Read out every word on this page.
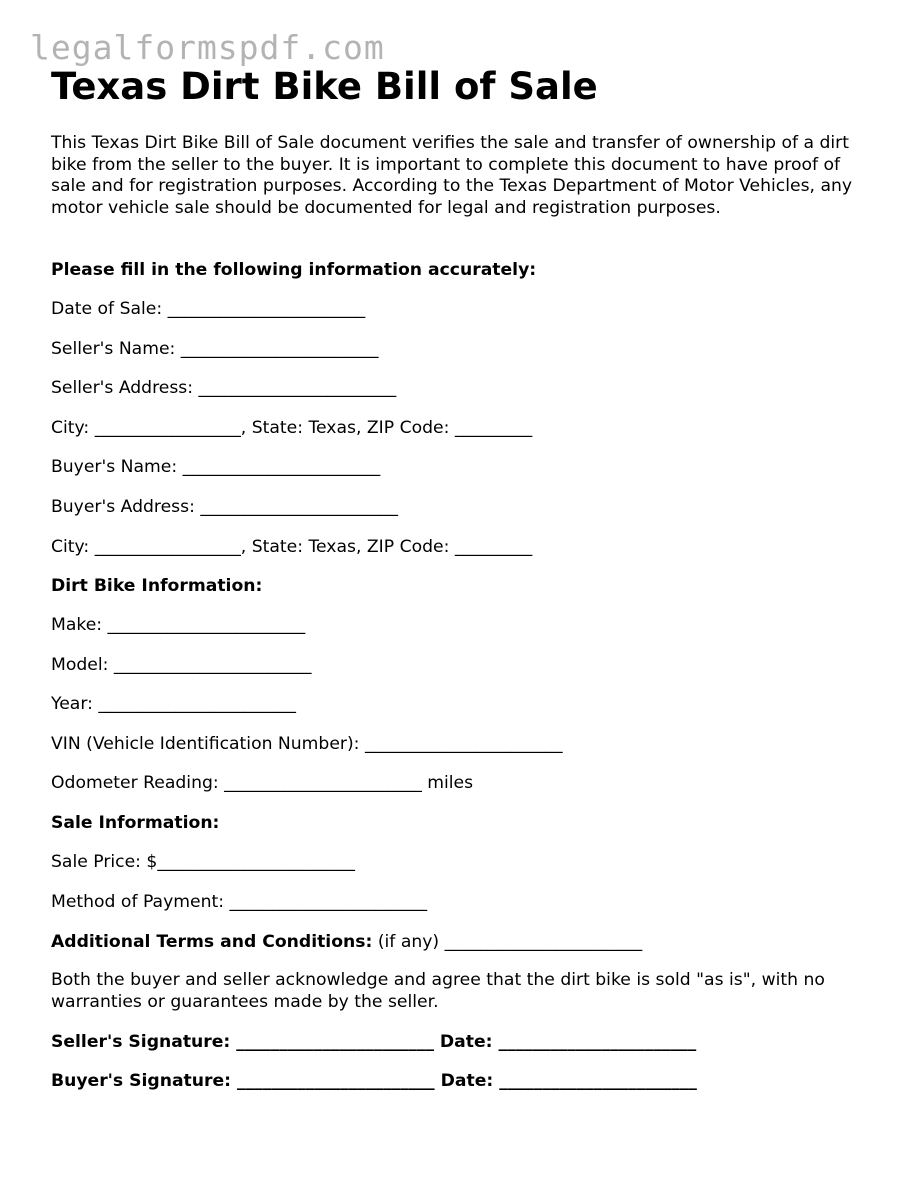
legalformspdf.com
Texas Dirt Bike Bill of Sale

This Texas Dirt Bike Bill of Sale document verifies the sale and transfer of ownership of a dirt bike from the seller to the buyer. It is important to complete this document to have proof of sale and for registration purposes. According to the Texas Department of Motor Vehicles, any motor vehicle sale should be documented for legal and registration purposes.

Please fill in the following information accurately:
Date of Sale: _______________________
Seller's Name: _______________________
Seller's Address: _______________________
City: _________________, State: Texas, ZIP Code: _________
Buyer's Name: _______________________
Buyer's Address: _______________________
City: _________________, State: Texas, ZIP Code: _________
Dirt Bike Information:
Make: _______________________
Model: _______________________
Year: _______________________
VIN (Vehicle Identification Number): _______________________
Odometer Reading: _______________________ miles
Sale Information:
Sale Price: $_______________________
Method of Payment: _______________________
Additional Terms and Conditions: (if any) _______________________

Both the buyer and seller acknowledge and agree that the dirt bike is sold "as is", with no warranties or guarantees made by the seller.

Seller's Signature: _______________________ Date: _______________________
Buyer's Signature: _______________________ Date: _______________________
